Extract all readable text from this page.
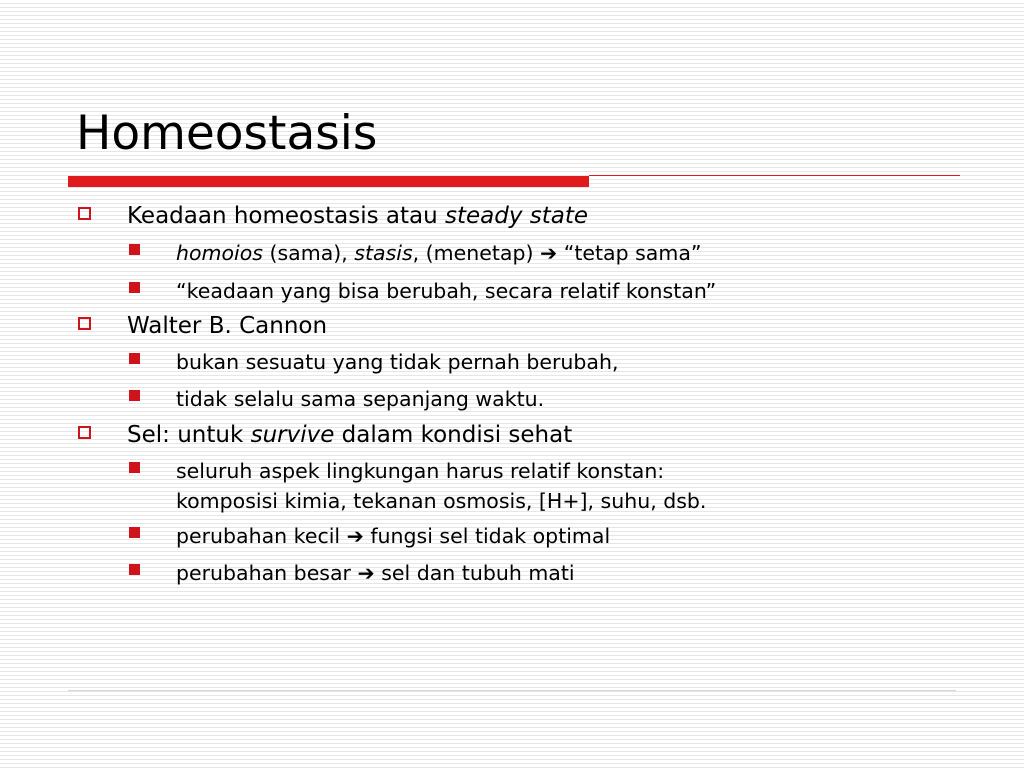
Homeostasis
Keadaan homeostasis atau steady state
homoios (sama), stasis, (menetap) ➔ “tetap sama”
“keadaan yang bisa berubah, secara relatif konstan”
Walter B. Cannon
bukan sesuatu yang tidak pernah berubah,
tidak selalu sama sepanjang waktu.
Sel: untuk survive dalam kondisi sehat
seluruh aspek lingkungan harus relatif konstan:
komposisi kimia, tekanan osmosis, [H+], suhu, dsb.
perubahan kecil ➔ fungsi sel tidak optimal
perubahan besar ➔ sel dan tubuh mati
